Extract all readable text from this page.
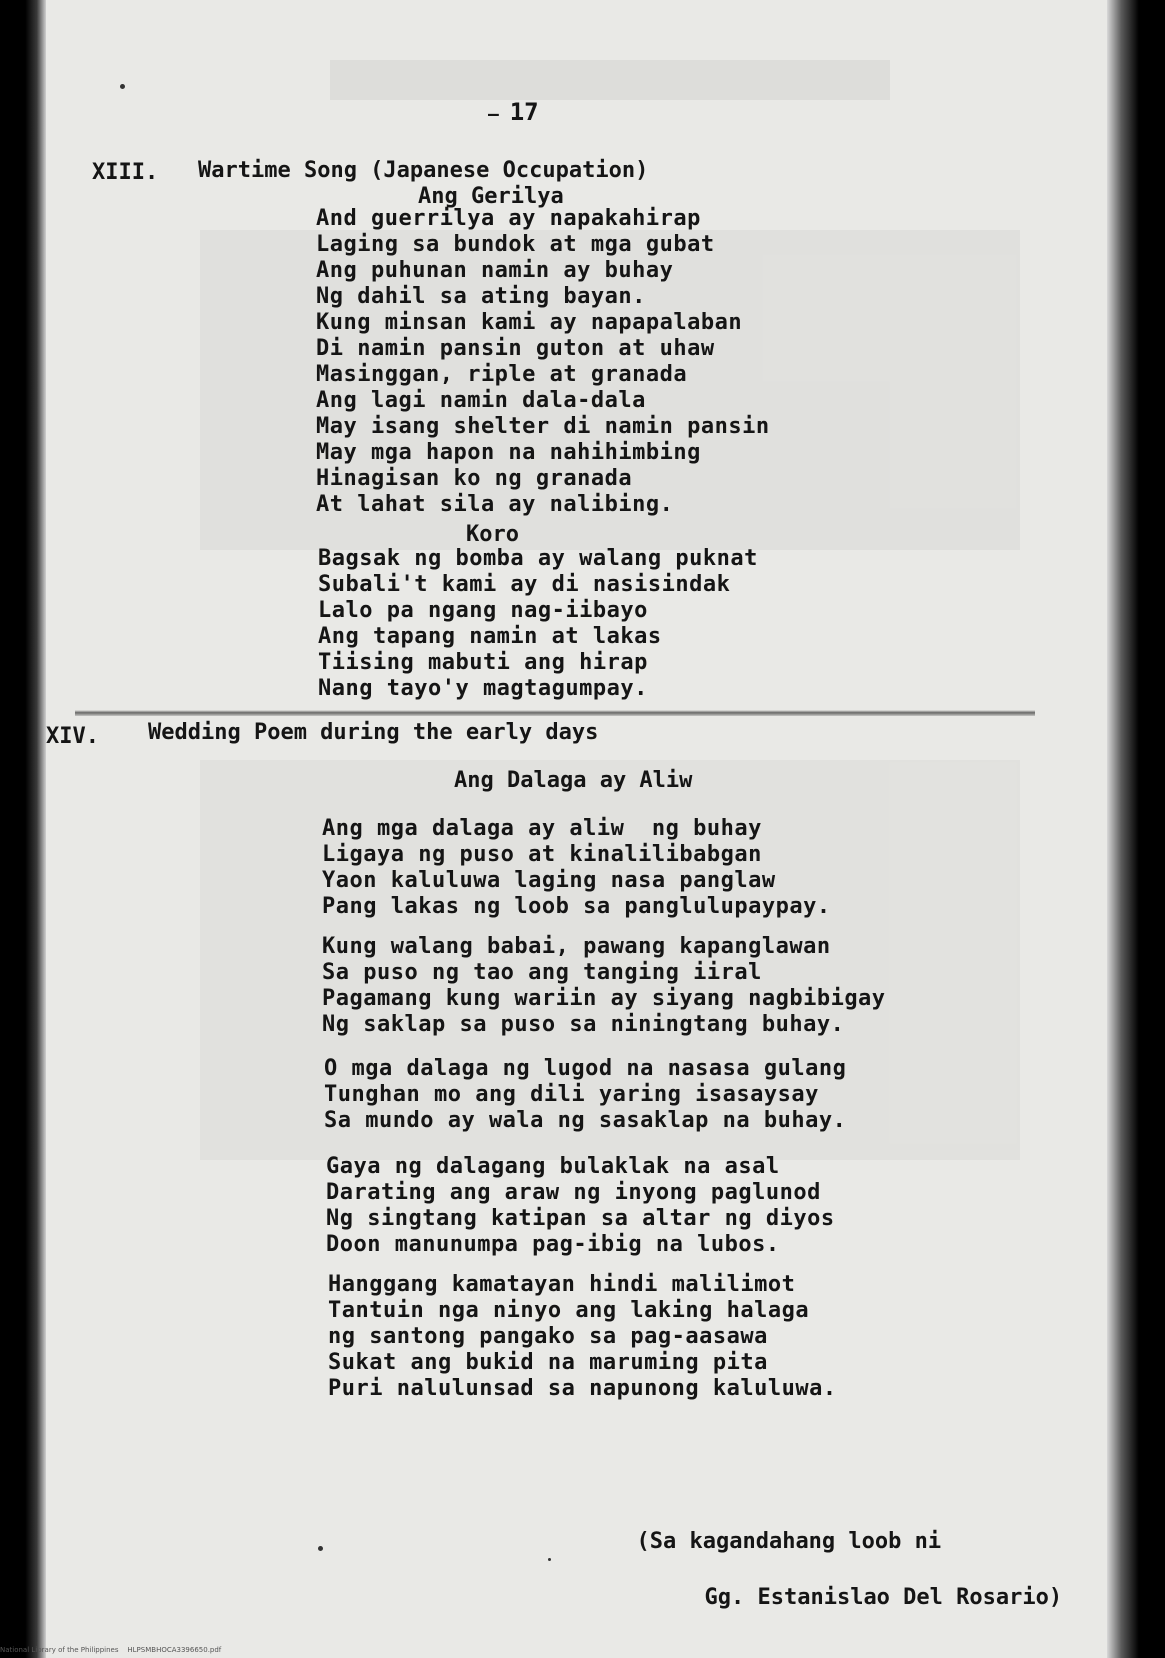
— 17
XIII. Wartime Song (Japanese Occupation)
Ang Gerilya
And guerrilya ay napakahirap
Laging sa bundok at mga gubat
Ang puhunan namin ay buhay
Ng dahil sa ating bayan.
Kung minsan kami ay napapalaban
Di namin pansin guton at uhaw
Masinggan, riple at granada
Ang lagi namin dala-dala
May isang shelter di namin pansin
May mga hapon na nahihimbing
Hinagisan ko ng granada
At lahat sila ay nalibing.
Koro
Bagsak ng bomba ay walang puknat
Subali't kami ay di nasisindak
Lalo pa ngang nag-iibayo
Ang tapang namin at lakas
Tiising mabuti ang hirap
Nang tayo'y magtagumpay.
XIV. Wedding Poem during the early days
Ang Dalaga ay Aliw
Ang mga dalaga ay aliw  ng buhay
Ligaya ng puso at kinalilibabgan
Yaon kaluluwa laging nasa panglaw
Pang lakas ng loob sa panglulupaypay.
Kung walang babai, pawang kapanglawan
Sa puso ng tao ang tanging iiral
Pagamang kung wariin ay siyang nagbibigay
Ng saklap sa puso sa niningtang buhay.
O mga dalaga ng lugod na nasasa gulang
Tunghan mo ang dili yaring isasaysay
Sa mundo ay wala ng sasaklap na buhay.
Gaya ng dalagang bulaklak na asal
Darating ang araw ng inyong paglunod
Ng singtang katipan sa altar ng diyos
Doon manunumpa pag-ibig na lubos.
Hanggang kamatayan hindi malilimot
Tantuin nga ninyo ang laking halaga
ng santong pangako sa pag-aasawa
Sukat ang bukid na maruming pita
Puri nalulunsad sa napunong kaluluwa.

(Sa kagandahang loob ni

Gg. Estanislao Del Rosario)

National Library of the Philippines    HLPSMBHOCA3396650.pdf
